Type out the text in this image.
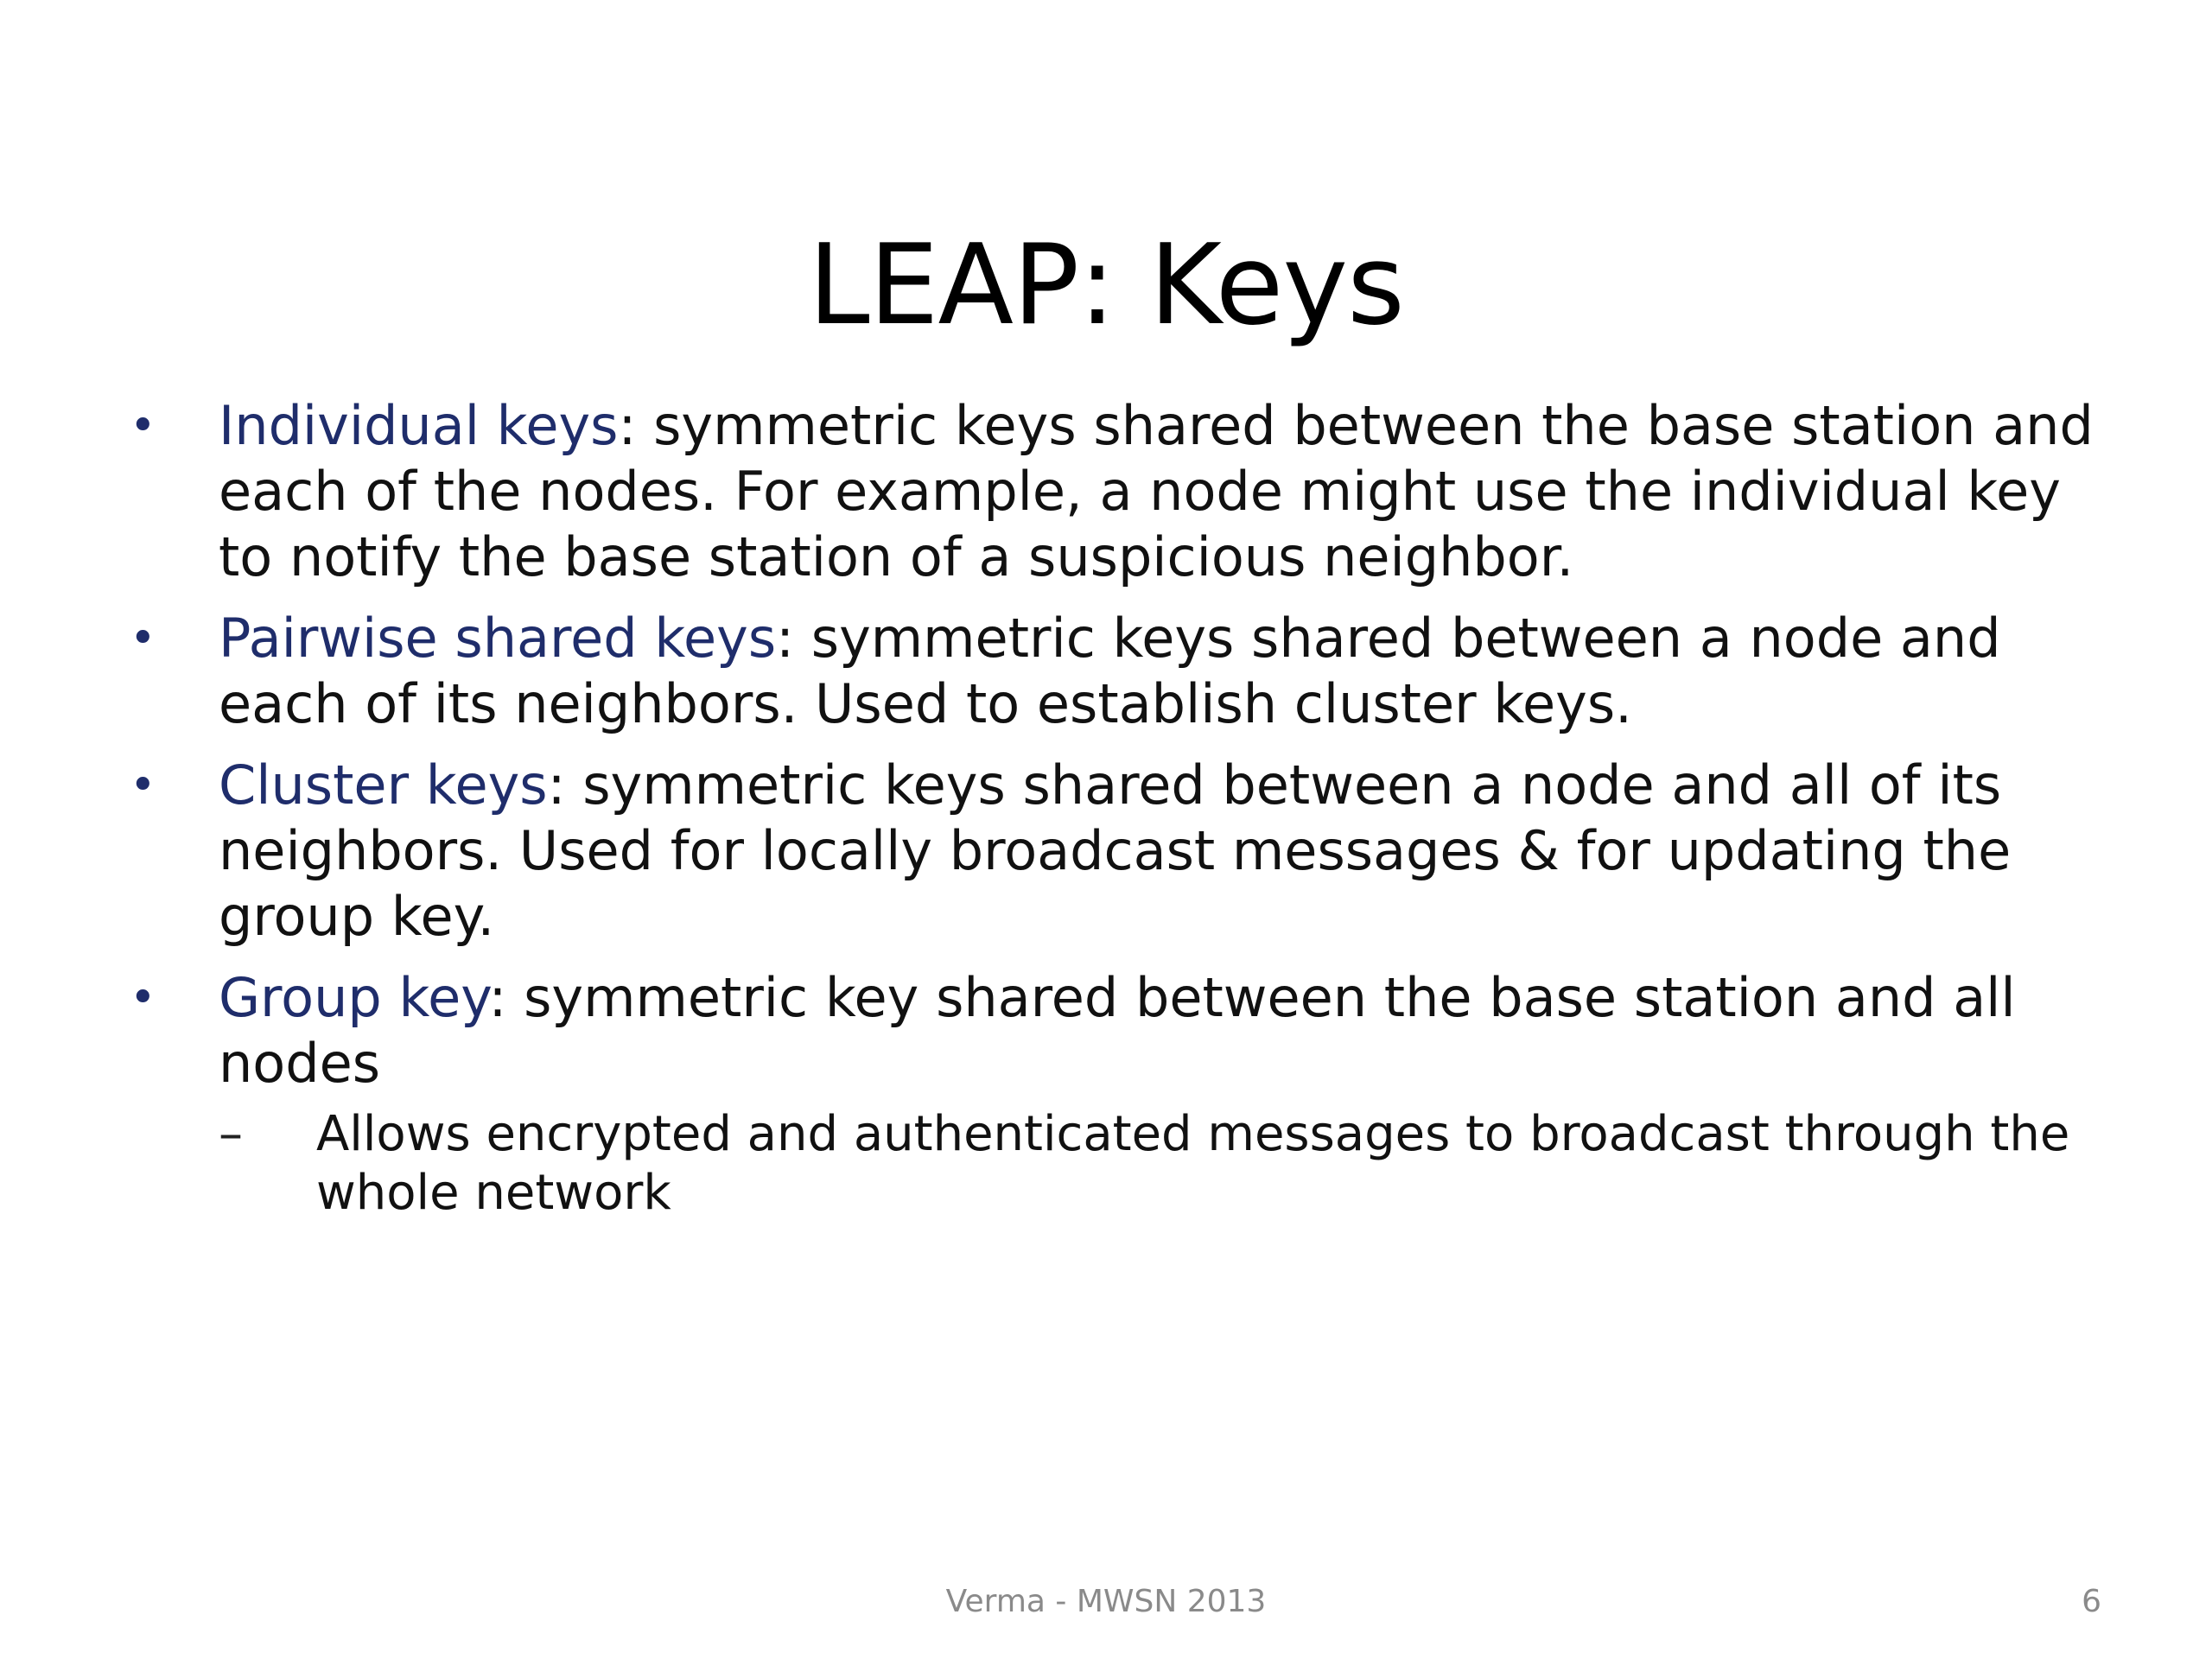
LEAP: Keys
• Individual keys: symmetric keys shared between the base station and each of the nodes. For example, a node might use the individual key to notify the base station of a suspicious neighbor.
• Pairwise shared keys: symmetric keys shared between a node and each of its neighbors. Used to establish cluster keys.
• Cluster keys: symmetric keys shared between a node and all of its neighbors. Used for locally broadcast messages & for updating the group key.
• Group key: symmetric key shared between the base station and all nodes
–	Allows encrypted and authenticated messages to broadcast through the whole network
Verma - MWSN 2013	6
